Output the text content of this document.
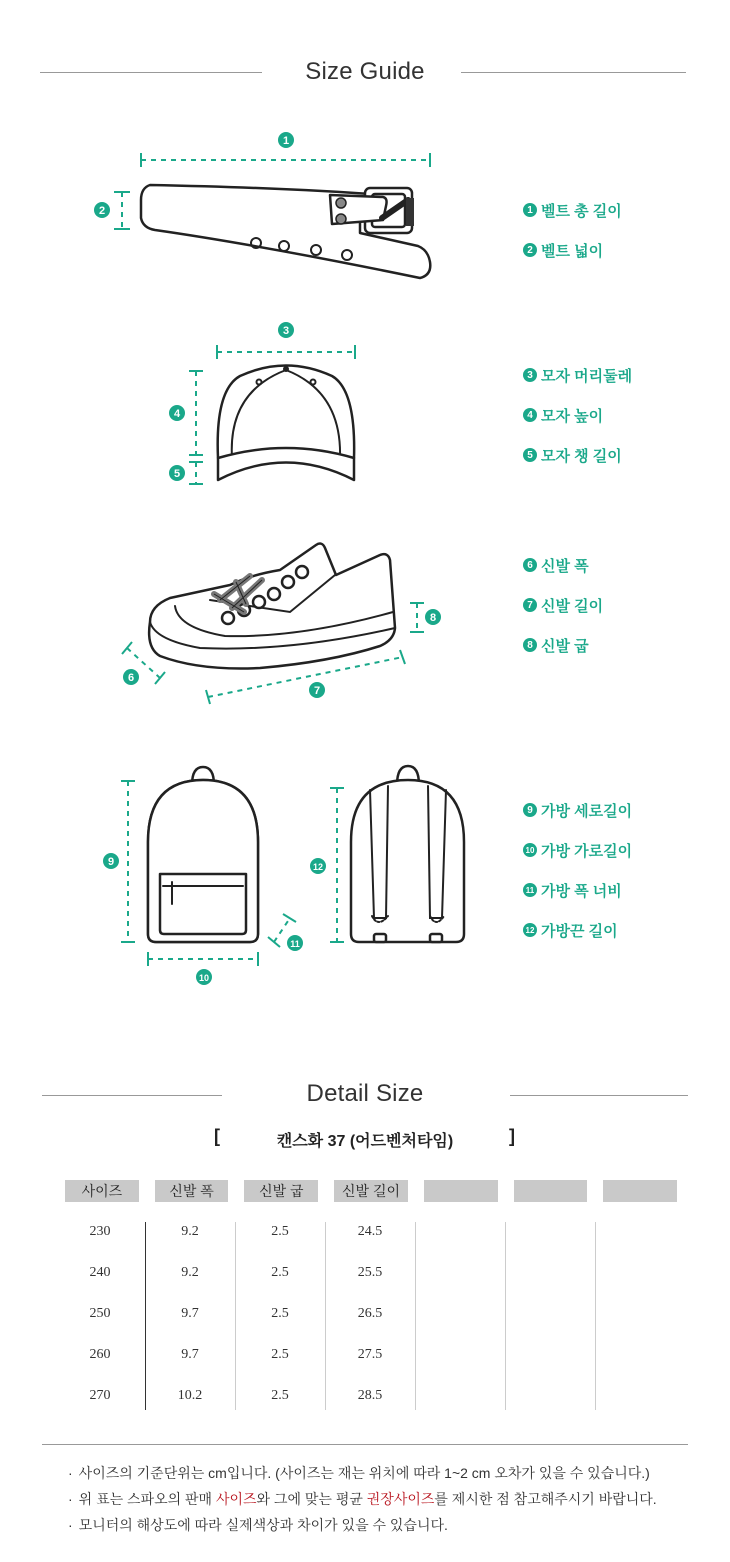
Size Guide
1
2
3
4
5
6
7
8
9
10
11
12
1 벨트 총 길이
2 벨트 넓이
3 모자 머리둘레
4 모자 높이
5 모자 챙 길이
6 신발 폭
7 신발 길이
8 신발 굽
9 가방 세로길이
10 가방 가로길이
11 가방 폭 너비
12 가방끈 길이
Detail Size
[	캔스화 37 (어드벤처타임)	]
사이즈	신발 폭	신발 굽	신발 길이
230	9.2	2.5	24.5
240	9.2	2.5	25.5
250	9.7	2.5	26.5
260	9.7	2.5	27.5
270	10.2	2.5	28.5
· 사이즈의 기준단위는 cm입니다. (사이즈는 재는 위치에 따라 1~2 cm 오차가 있을 수 있습니다.)
· 위 표는 스파오의 판매 사이즈와 그에 맞는 평균 권장사이즈를 제시한 점 참고해주시기 바랍니다.
· 모니터의 해상도에 따라 실제색상과 차이가 있을 수 있습니다.
